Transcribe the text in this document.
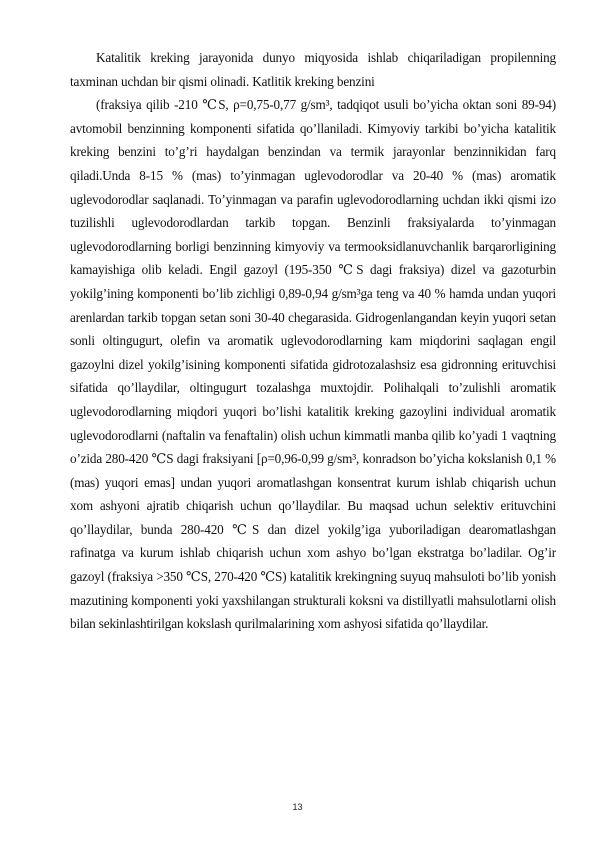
Katalitik kreking jarayonida dunyo miqyosida ishlab chiqariladigan propilenning taxminan uchdan bir qismi olinadi. Katlitik kreking benzini

(fraksiya qilib -210 ℃S, ρ=0,75-0,77 g/sm³, tadqiqot usuli bo’yicha oktan soni 89-94) avtomobil benzinning komponenti sifatida qo’llaniladi. Kimyoviy tarkibi bo’yicha katalitik kreking benzini to’g’ri haydalgan benzindan va termik jarayonlar benzinnikidan farq qiladi.Unda 8-15 % (mas) to’yinmagan uglevodorodlar va 20-40 % (mas) aromatik uglevodorodlar saqlanadi. To’yinmagan va parafin uglevodorodlarning uchdan ikki qismi izo tuzilishli uglevodorodlardan tarkib topgan. Benzinli fraksiyalarda to’yinmagan uglevodorodlarning borligi benzinning kimyoviy va termooksidlanuvchanlik barqarorligining kamayishiga olib keladi. Engil gazoyl (195-350 ℃S dagi fraksiya) dizel va gazoturbin yokilg’ining komponenti bo’lib zichligi 0,89-0,94 g/sm³ga teng va 40 % hamda undan yuqori arenlardan tarkib topgan setan soni 30-40 chegarasida. Gidrogenlangandan keyin yuqori setan sonli oltingugurt, olefin va aromatik uglevodorodlarning kam miqdorini saqlagan engil gazoylni dizel yokilg’isining komponenti sifatida gidrotozalashsiz esa gidronning erituvchisi sifatida qo’llaydilar, oltingugurt tozalashga muxtojdir. Polihalqali to’zulishli aromatik uglevodorodlarning miqdori yuqori bo’lishi katalitik kreking gazoylini individual aromatik uglevodorodlarni (naftalin va fenaftalin) olish uchun kimmatli manba qilib ko’yadi 1 vaqtning o’zida 280-420 ℃S dagi fraksiyani [ρ=0,96-0,99 g/sm³, konradson bo’yicha kokslanish 0,1 % (mas) yuqori emas] undan yuqori aromatlashgan konsentrat kurum ishlab chiqarish uchun xom ashyoni ajratib chiqarish uchun qo’llaydilar. Bu maqsad uchun selektiv erituvchini qo’llaydilar, bunda 280-420 ℃S dan dizel yokilg’iga yuboriladigan dearomatlashgan rafinatga va kurum ishlab chiqarish uchun xom ashyo bo’lgan ekstratga bo’ladilar. Og’ir gazoyl (fraksiya >350 ℃S, 270-420 ℃S) katalitik krekingning suyuq mahsuloti bo’lib yonish mazutining komponenti yoki yaxshilangan strukturali koksni va distillyatli mahsulotlarni olish bilan sekinlashtirilgan kokslash qurilmalarining xom ashyosi sifatida qo’llaydilar.

13
